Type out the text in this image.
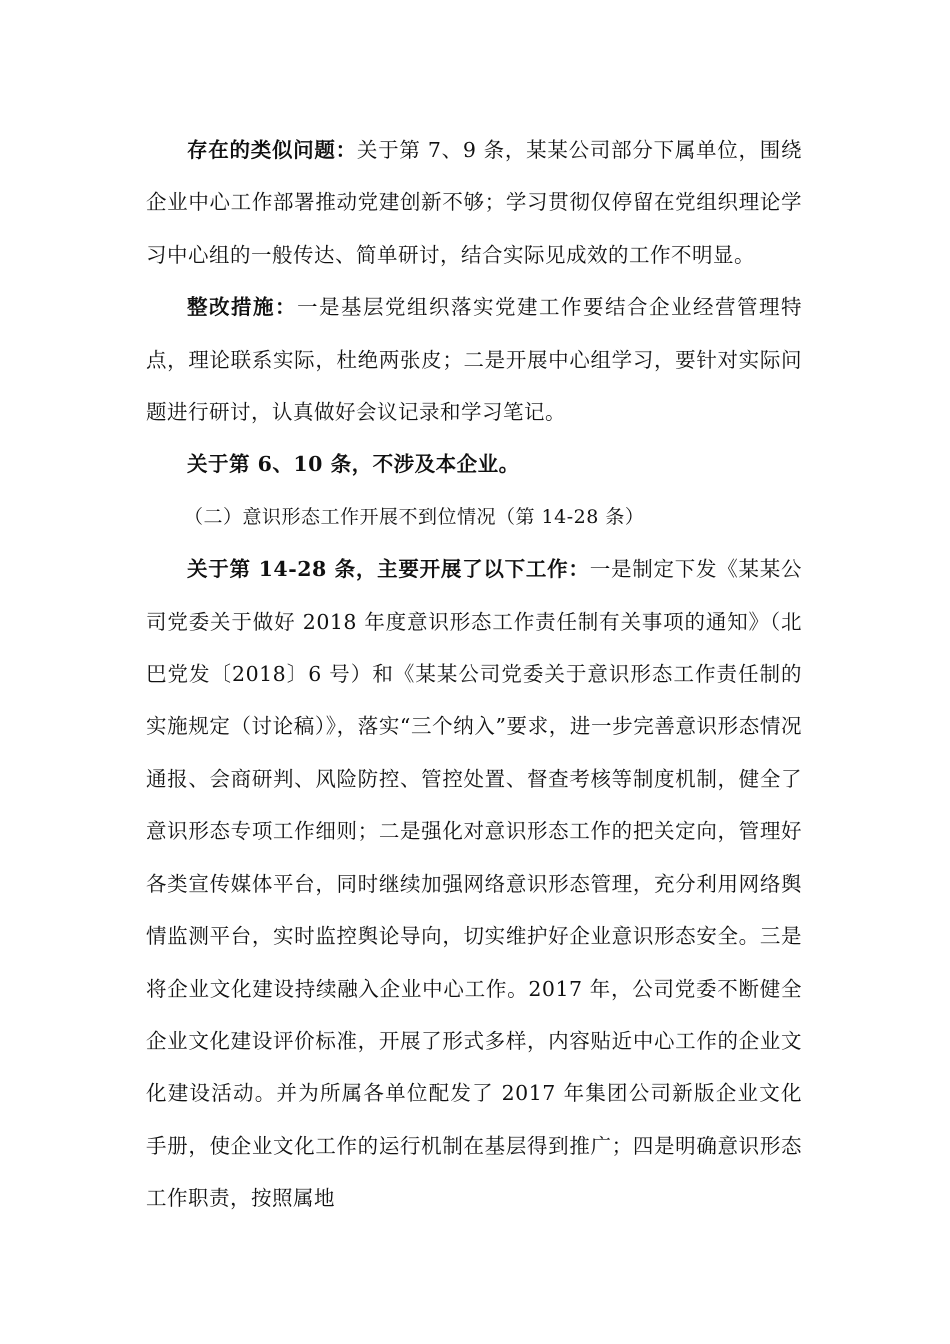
存在的类似问题：关于第 7、9 条，某某公司部分下属单位，围绕企业中心工作部署推动党建创新不够；学习贯彻仅停留在党组织理论学习中心组的一般传达、简单研讨，结合实际见成效的工作不明显。

整改措施：一是基层党组织落实党建工作要结合企业经营管理特点，理论联系实际，杜绝两张皮；二是开展中心组学习，要针对实际问题进行研讨，认真做好会议记录和学习笔记。

关于第 6、10 条，不涉及本企业。

（二）意识形态工作开展不到位情况（第 14-28 条）

关于第 14-28 条，主要开展了以下工作：一是制定下发《某某公司党委关于做好 2018 年度意识形态工作责任制有关事项的通知》（北巴党发〔2018〕6 号）和《某某公司党委关于意识形态工作责任制的实施规定（讨论稿）》，落实“三个纳入”要求，进一步完善意识形态情况通报、会商研判、风险防控、管控处置、督查考核等制度机制，健全了意识形态专项工作细则；二是强化对意识形态工作的把关定向，管理好各类宣传媒体平台，同时继续加强网络意识形态管理，充分利用网络舆情监测平台，实时监控舆论导向，切实维护好企业意识形态安全。三是将企业文化建设持续融入企业中心工作。2017 年，公司党委不断健全企业文化建设评价标准，开展了形式多样，内容贴近中心工作的企业文化建设活动。并为所属各单位配发了 2017 年集团公司新版企业文化手册，使企业文化工作的运行机制在基层得到推广；四是明确意识形态工作职责，按照属地
